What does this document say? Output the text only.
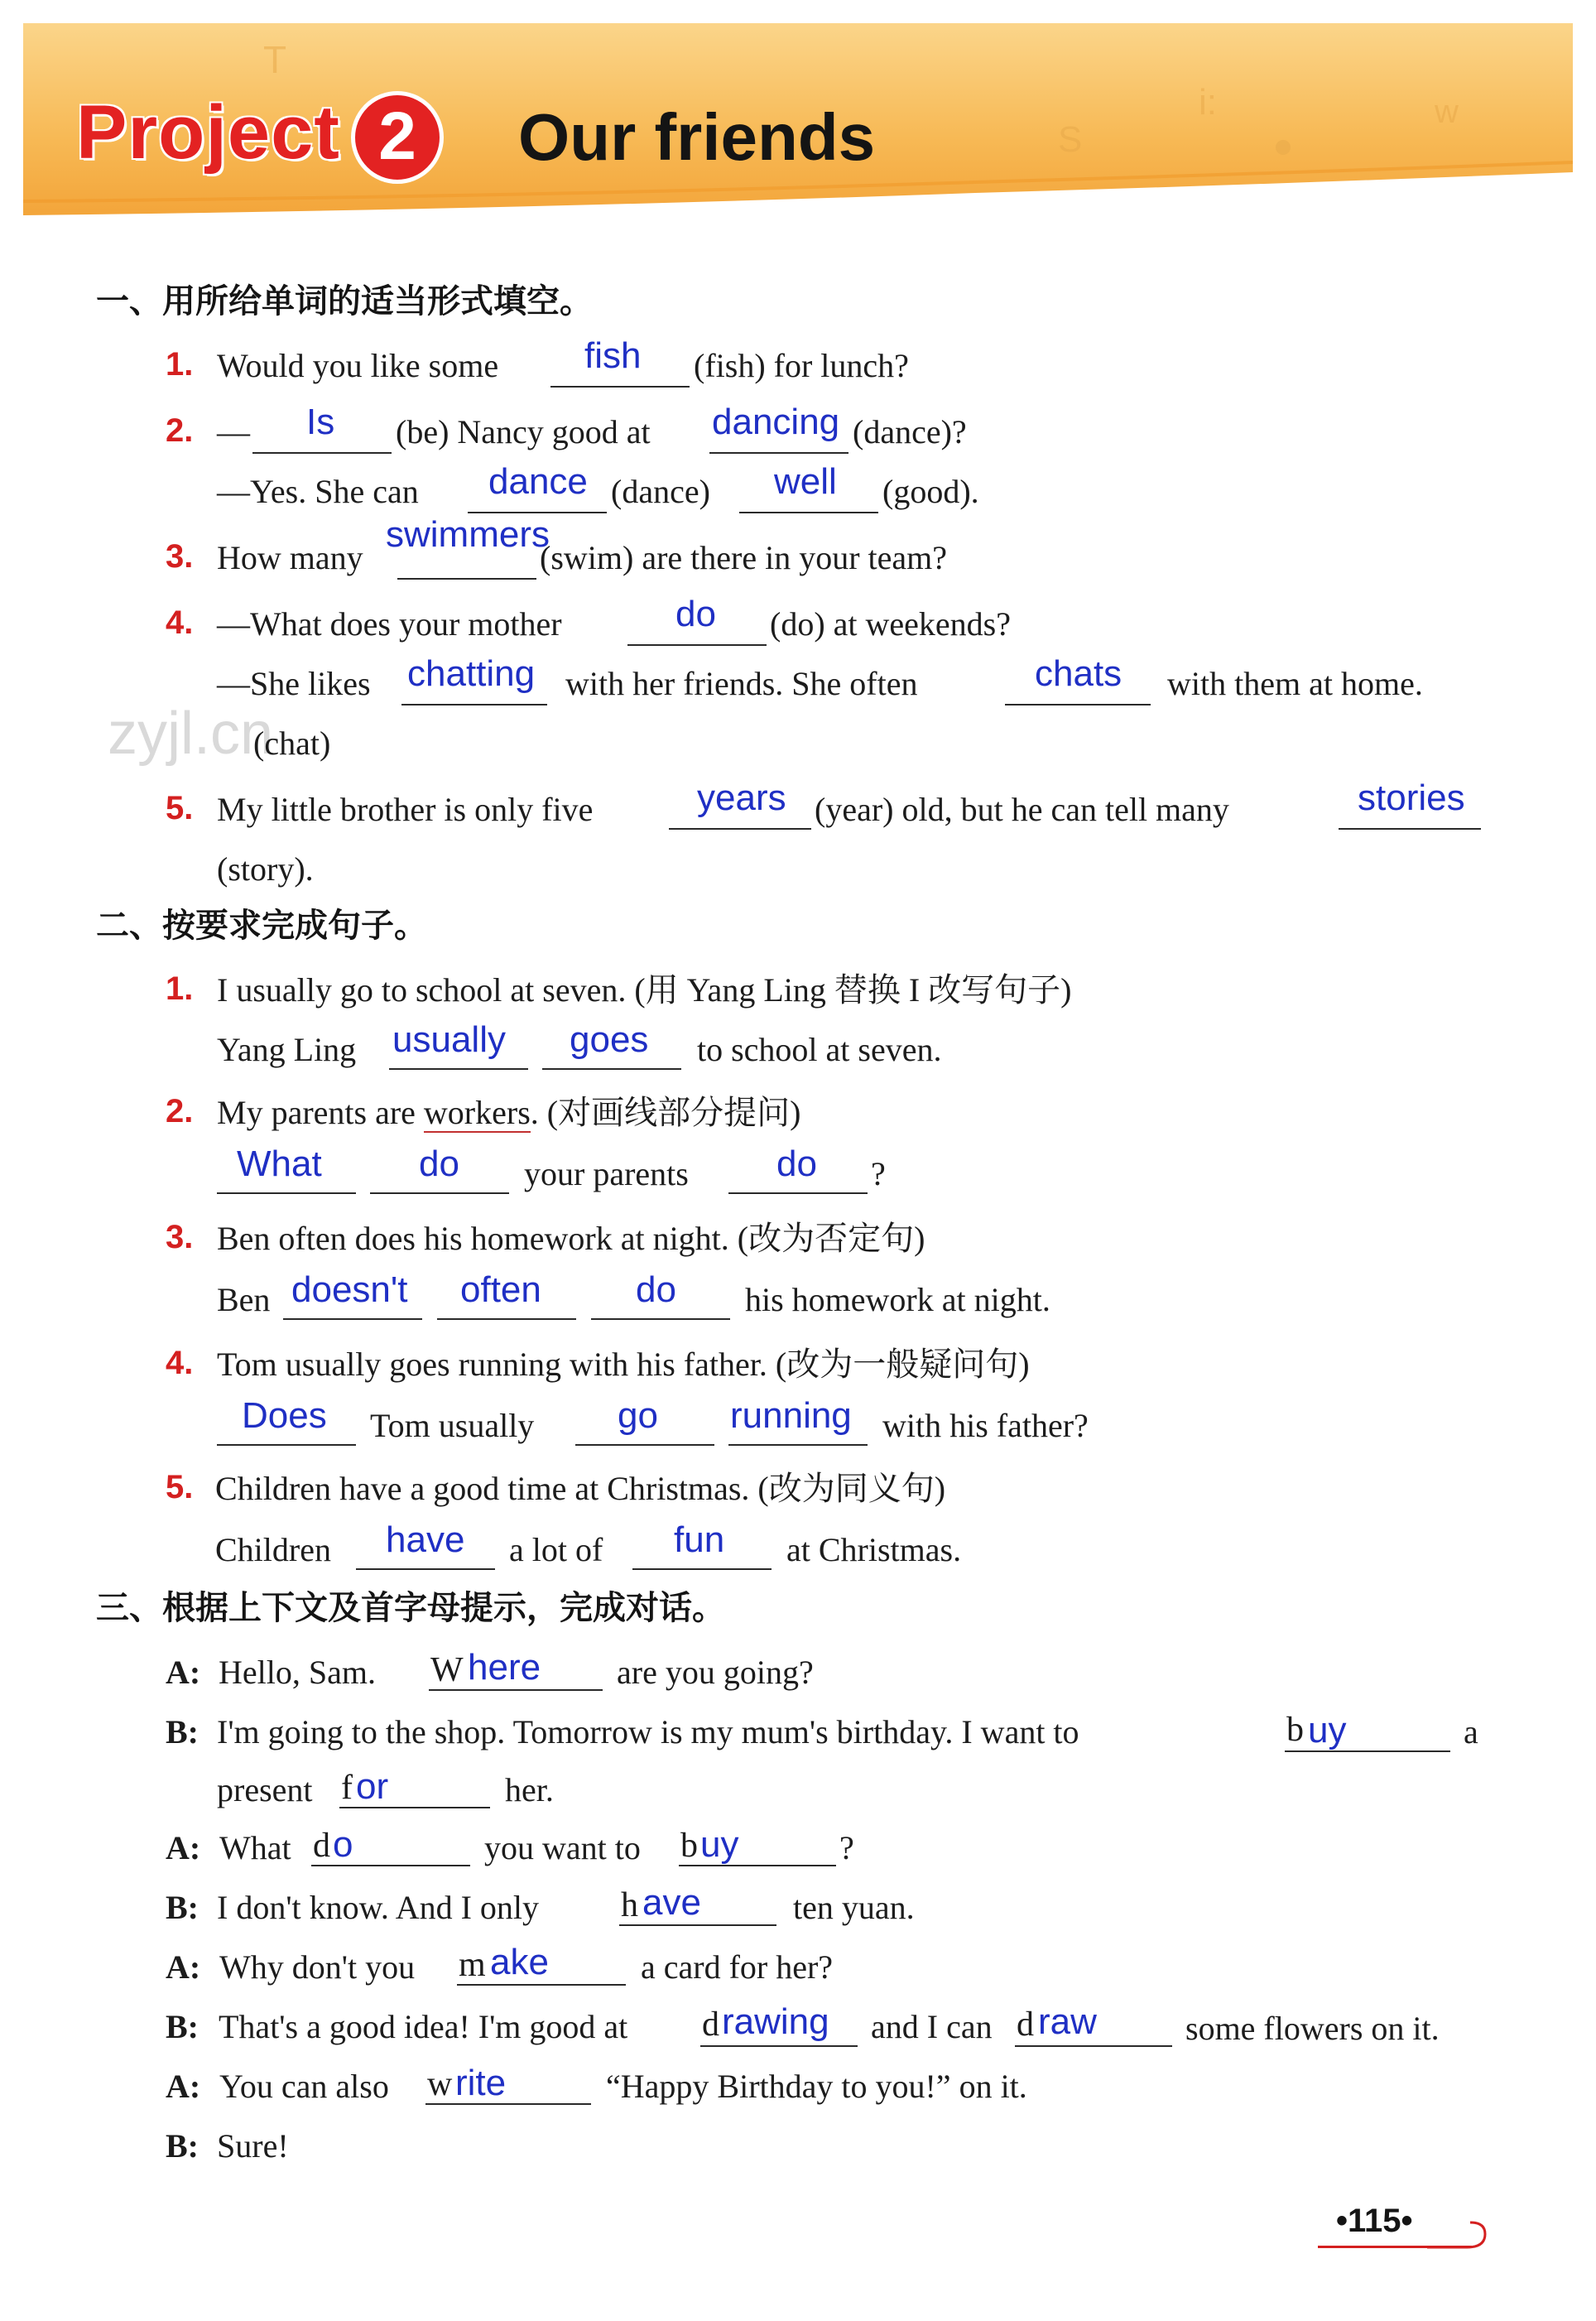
T
i:
S
w
Project 2	Our friends
zyjl.cn
一、用所给单词的适当形式填空。
1. Would you like some fish (fish) for lunch?
2. — Is (be) Nancy good at dancing (dance)?
—Yes. She can dance (dance) well (good).
3. How many
swimmers
(swim) are there in your team?
4. —What does your mother	do (do) at weekends?
—She likes chatting with her friends. She often	chats with them at home.
(chat)
5. My little brother is only five	years (year) old, but he can tell many	stories
(story).
二、按要求完成句子。
1. I usually go to school at seven. (用 Yang Ling 替换 I 改写句子)
Yang Ling usually goes to school at seven.
2. My parents are workers. (对画线部分提问)
What	do your parents do ?
3. Ben often does his homework at night. (改为否定句)
Ben doesn't often	do his homework at night.
4. Tom usually goes running with his father. (改为一般疑问句)
Does Tom usually go running with his father?
5. Children have a good time at Christmas. (改为同义句)
Children have a lot of fun at Christmas.
三、根据上下文及首字母提示，完成对话。
A: Hello, Sam. W here are you going?
B: I'm going to the shop. Tomorrow is my mum's birthday. I want to	b uy	a
present f or	her.
A: What d o	you want to b uy	?
B: I don't know. And I only h ave	ten yuan.
A: Why don't you m ake	a card for her?
B: That's a good idea! I'm good at d rawing and I can d raw	some flowers on it.
A: You can also w rite	“Happy Birthday to you!” on it.
B: Sure!
•115•
